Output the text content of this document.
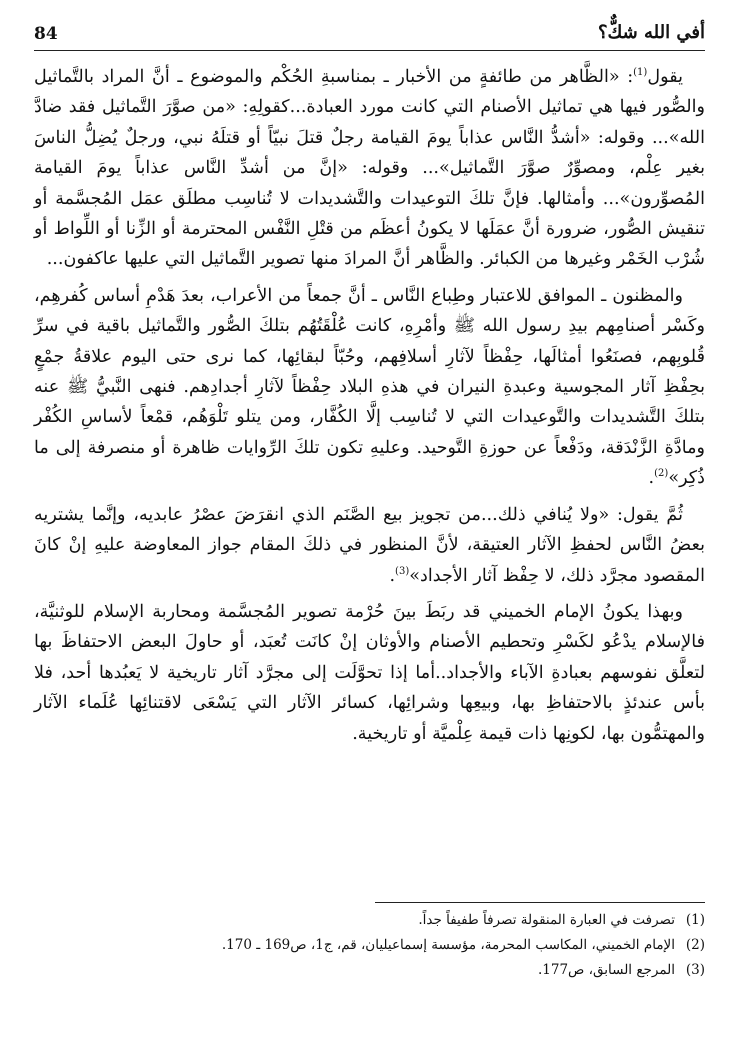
84	أفي الله شكٌّ؟

يقول$^{(1)}$: «الظَّاهر من طائفةٍ من الأخبار ـ بمناسبةِ الحُكْم والموضوع ـ أنَّ المراد بالتَّماثيل والصُّور فيها هي تماثيل الأصنام التي كانت مورد العبادة...كقولِهِ: «من صوَّرَ التَّماثيل فقد ضادَّ الله»... وقوله: «أشدُّ النَّاس عذاباً يومَ القيامة رجلٌ قتلَ نبيّاً أو قتلَهُ نبي، ورجلٌ يُضِلُّ الناسَ بغير عِلْم، ومصوِّرٌ صوَّرَ التَّماثيل»... وقوله: «إنَّ من أشدِّ النَّاس عذاباً يومَ القيامة المُصوِّرون»... وأمثالها. فإنَّ تلكَ التوعيدات والتَّشديدات لا تُناسِب مطلَق عمَل المُجسَّمة أو تنقيش الصُّور، ضرورة أنَّ عمَلَها لا يكونُ أعظَم من قتْلِ النَّفْس المحترمة أو الزِّنا أو اللِّواط أو شُرْب الخَمْر وغيرها من الكبائر. والظَّاهر أنَّ المرادَ منها تصوير التَّماثيل التي عليها عاكفون...

والمظنون ـ الموافق للاعتبار وطِباع النَّاس ـ أنَّ جمعاً من الأعراب، بعدَ هَدْمِ أساس كُفرهِم، وكَسْر أصنامِهم بيدِ رسول الله ﷺ وأمْرِهِ، كانت عُلْقَتُهُم بتلكَ الصُّور والتَّماثيل باقية في سرِّ قُلوبِهم، فصنَعُوا أمثالَها، حِفْظاً لآثارِ أسلافِهم، وحُبّاً لبقائِها، كما نرى حتى اليوم علاقةُ جمْعٍ بحِفْظِ آثار المجوسية وعبدةِ النيران في هذهِ البلاد حِفْظاً لآثارِ أجدادِهم. فنهى النَّبيُّ ﷺ عنه بتلكَ التَّشديدات والتَّوعيدات التي لا تُناسِب إلَّا الكُفَّار، ومن يتلو تَلْوَهُم، قمْعاً لأساسِ الكُفْر ومادَّةِ الزَّنْدَقة، ودَفْعاً عن حوزةِ التَّوحيد. وعليهِ تكون تلكَ الرِّوايات ظاهرة أو منصرفة إلى ما ذُكِر»$^{(2)}$.

ثُمَّ يقول: «ولا يُنافي ذلك...من تجويز بيع الصَّنَم الذي انقرَضَ عصْرُ عابديه، وإنَّما يشتريه بعضُ النَّاس لحفظِ الآثار العتيقة، لأنَّ المنظور في ذلكَ المقام جواز المعاوضة عليهِ إنْ كانَ المقصود مجرَّد ذلك، لا حِفْظ آثار الأجداد»$^{(3)}$.

وبهذا يكونُ الإمام الخميني قد ربَطَ بينَ حُرْمة تصوير المُجسَّمة ومحاربة الإسلام للوثنيَّة، فالإسلام يدْعُو لكَسْرِ وتحطيم الأصنام والأوثان إنْ كانَت تُعبَد، أو حاولَ البعض الاحتفاظَ بها لتعلَّق نفوسهم بعبادةِ الآباء والأجداد..أما إذا تحوَّلَت إلى مجرَّد آثار تاريخية لا يَعبُدها أحد، فلا بأس عندئذٍ بالاحتفاظِ بها، وبيعِها وشرائِها، كسائر الآثار التي يَسْعَى لاقتنائِها عُلَماء الآثار والمهتمُّون بها، لكونِها ذات قيمة عِلْميَّة أو تاريخية.

(1)تصرفت في العبارة المنقولة تصرفاً طفيفاً جداً.
(2)الإمام الخميني، المكاسب المحرمة، مؤسسة إسماعيليان، قم، ج1، ص169 ـ 170.
(3)المرجع السابق، ص177.
